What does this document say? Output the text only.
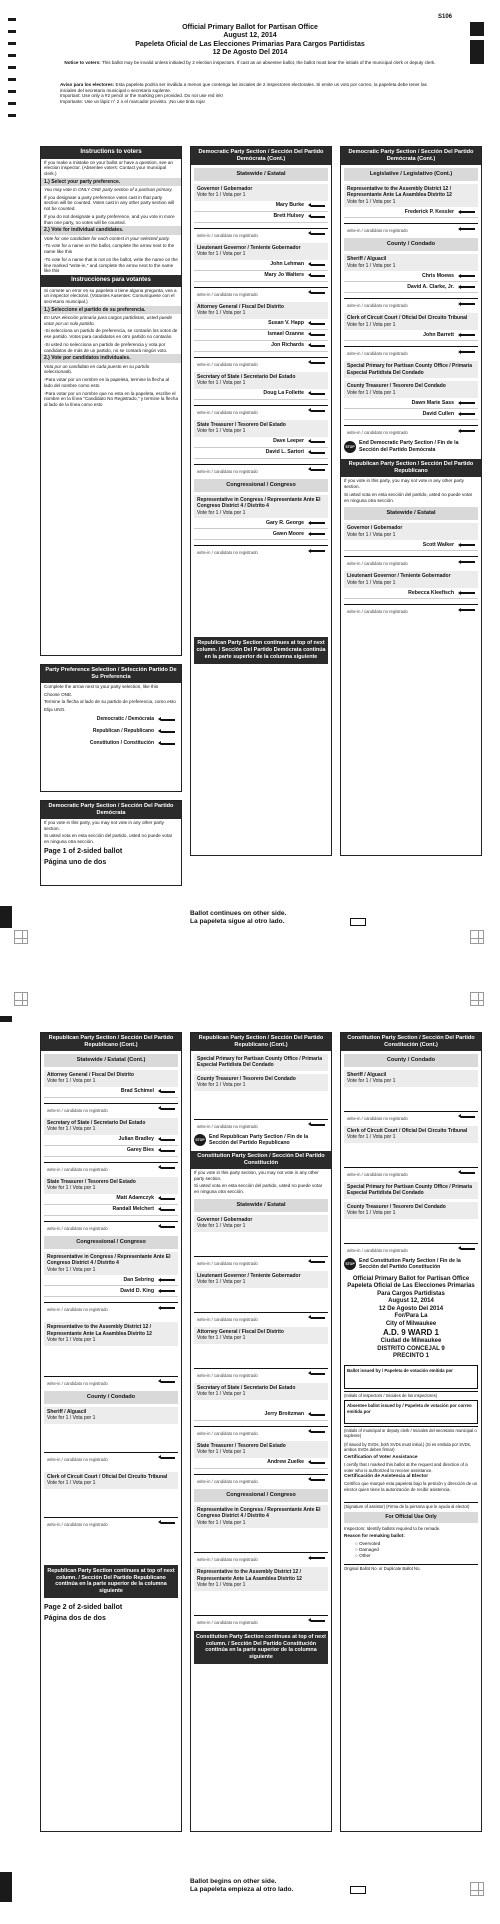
S106
Official Primary Ballot for Partisan Office
August 12, 2014
Papeleta Oficial de Las Elecciones Primarias Para Cargos Partidistas
12 De Agosto Del 2014
Notice to voters: This ballot may be invalid unless initialed by 2 election inspectors. If cast as an absentee ballot, the ballot must bear the initials of the municipal clerk or deputy clerk.
Aviso para los electores: Esta papeleta podría ser inválida a menos que contenga las iniciales de 2 inspectores electorales. Si emite un voto por correo, la papeleta debe tener las iniciales del secretario municipal o secretario suplente.
Important: Use only a #2 pencil or the marking pen provided. Do not use red ink!
Importante: Use un lápiz n° 2 o el marcador provisto. ¡No use tinta roja!
Instructions to voters

If you make a mistake on your ballot or have a question, see an election inspector. (Absentee voters: Contact your municipal clerk.)

1.) Select your party preference.

You may vote in ONLY ONE party section of a partisan primary.

If you designate a party preference votes cast in that party section will be counted. Votes cast in any other party section will not be counted.

If you do not designate a party preference, and you vote in more than one party, no votes will be counted.

2.) Vote for individual candidates.

Vote for one candidate for each contest in your selected party.

-To vote for a name on the ballot, complete the arrow next to the name like this

-To vote for a name that is not on the ballot, write the name on the line marked "write-in," and complete the arrow next to the name like this

Instrucciones para votantes

Si comete un error en su papeleta o tiene alguna pregunta, vea a un inspector electoral. (Votantes Ausentes: Comuníquese con el secretario municipal.)

1.) Seleccione el partido de su preferencia.

En UNA elección primaria para cargos partidistas, usted puede votar por un solo partido.

-Si selecciona un partido de preferencia, se contarán los votos de ese partido. Votos para candidatos en otro partido no contarán.

-Si usted no selecciona un partido de preferencia y vota por candidatos de más de un partido, no se contará ningún voto.

2.) Vote por candidatos individuales.

Vota por un candidato en cada puesto en su partido seleccionado.

-Para votar por un nombre en la papeleta, termine la flecha al lado del nombre como esto

-Para votar por un nombre que no esta en la papeleta, escribe el nombre en la línea "Candidato No Registrado," y termine la flecha al lado de la línea como esto

Party Preference Selection / Selección Partido De Su Preferencia

Complete the arrow next to your party selection, like this

Choose ONE.

Termine la flecha al lado de su partido de preferencia, como esto

Elija UNO.

Democratic / Demócrata
Republican / Republicano
Constitution / Constitución
Democratic Party Section / Sección Del Partido Demócrata

If you vote in this party, you may not vote in any other party section.

Si usted vota en esta sección del partido, usted no puede votar en ninguna otra sección.

Page 1 of 2-sided ballot
Página uno de dos
Democratic Party Section / Sección Del Partido Demócrata (Cont.)
Statewide / Estatal
Governor / Gobernador
Vote for 1 / Vota por 1
Mary Burke
Brett Hulsey
write-in / candidato no registrado
Lieutenant Governor / Teniente Gobernador
Vote for 1 / Vota por 1
John Lehman
Mary Jo Walters
write-in / candidato no registrado
Attorney General / Fiscal Del Distrito
Vote for 1 / Vota por 1
Susan V. Happ
Ismael Ozanne
Jon Richards
write-in / candidato no registrado
Secretary of State / Secretario Del Estado
Vote for 1 / Vota por 1
Doug La Follette
write-in / candidato no registrado
State Treasurer / Tesorero Del Estado
Vote for 1 / Vota por 1
Dave Leeper
David L. Sartori
write-in / candidato no registrado
Congressional / Congreso
Representative in Congress / Representante Ante El Congreso District 4 / Distrito 4
Vote for 1 / Vota por 1
Gary R. George
Gwen Moore
write-in / candidato no registrado
Republican Party Section continues at top of next column. / Sección Del Partido Demócrata continúa en la parte superior de la columna siguiente
Democratic Party Section / Sección Del Partido Demócrata (Cont.)
Legislative / Legislativo (Cont.)
Representative to the Assembly District 12 / Representante Ante La Asamblea Distrito 12
Vote for 1 / Vota por 1
Frederick P. Kessler
write-in / candidato no registrado
County / Condado
Sheriff / Alguacil
Vote for 1 / Vota por 1
Chris Moews
David A. Clarke, Jr.
write-in / candidato no registrado
Clerk of Circuit Court / Oficial Del Circuito Tribunal
Vote for 1 / Vota por 1
John Barrett
write-in / candidato no registrado
Special Primary for Partisan County Office / Primaria Especial Partidista Del Condado
County Treasurer / Tesorero Del Condado
Vote for 1 / Vota por 1
Dawn Marie Sass
David Cullen
write-in / candidato no registrado
STOP
End Democratic Party Section / Fin de la Sección del Partido Demócrata
Republican Party Section / Sección Del Partido Republicano

If you vote in this party, you may not vote in any other party section.

Si usted vota en esta sección del partido, usted no puede votar en ninguna otra sección.

Statewide / Estatal
Governor / Gobernador
Vote for 1 / Vota por 1
Scott Walker
write-in / candidato no registrado
Lieutenant Governor / Teniente Gobernador
Vote for 1 / Vota por 1
Rebecca Kleefisch
write-in / candidato no registrado
Ballot continues on other side.
La papeleta sigue al otro lado.
Republican Party Section / Sección Del Partido Republicano (Cont.)
Statewide / Estatal (Cont.)
Attorney General / Fiscal Del Distrito
Vote for 1 / Vota por 1
Brad Schimel
write-in / candidato no registrado
Secretary of State / Secretario Del Estado
Vote for 1 / Vota por 1
Julian Bradley
Garey Bies
write-in / candidato no registrado
State Treasurer / Tesorero Del Estado
Vote for 1 / Vota por 1
Matt Adamczyk
Randall Melchert
write-in / candidato no registrado
Congressional / Congreso
Representative in Congress / Representante Ante El Congreso District 4 / Distrito 4
Vote for 1 / Vota por 1
Dan Sebring
David D. King
write-in / candidato no registrado
Representative to the Assembly District 12 / Representante Ante La Asamblea Distrito 12
Vote for 1 / Vota por 1
write-in / candidato no registrado
County / Condado
Sheriff / Alguacil
Vote for 1 / Vota por 1
write-in / candidato no registrado
Clerk of Circuit Court / Oficial Del Circuito Tribunal
Vote for 1 / Vota por 1
write-in / candidato no registrado
Republican Party Section continues at top of next column. / Sección Del Partido Republicano continúa en la parte superior de la columna siguiente
Page 2 of 2-sided ballot
Página dos de dos
Republican Party Section / Sección Del Partido Republicano (Cont.)
Special Primary for Partisan County Office / Primaria Especial Partidista Del Condado
County Treasurer / Tesorero Del Condado
Vote for 1 / Vota por 1
write-in / candidato no registrado
STOP
End Republican Party Section / Fin de la Sección del Partido Republicano
Constitution Party Section / Sección Del Partido Constitución

If you vote in this party section, you may not vote in any other party section.

Si usted vota en esta sección del partido, usted no puede votar en ninguna otra sección.

Statewide / Estatal
Governor / Gobernador
Vote for 1 / Vota por 1
write-in / candidato no registrado
Lieutenant Governor / Teniente Gobernador
Vote for 1 / Vota por 1
write-in / candidato no registrado
Attorney General / Fiscal Del Distrito
Vote for 1 / Vota por 1
write-in / candidato no registrado
Secretary of State / Secretario Del Estado
Vote for 1 / Vota por 1
Jerry Broitzman
write-in / candidato no registrado
State Treasurer / Tesorero Del Estado
Vote for 1 / Vota por 1
Andrew Zuelke
write-in / candidato no registrado
Congressional / Congreso
Representative in Congress / Representante Ante El Congreso District 4 / Distrito 4
Vote for 1 / Vota por 1
write-in / candidato no registrado
Representative to the Assembly District 12 / Representante Ante La Asamblea Distrito 12
Vote for 1 / Vota por 1
write-in / candidato no registrado
Constitution Party Section continues at top of next column. / Sección Del Partido Constitución continúa en la parte superior de la columna siguiente
Constitution Party Section / Sección Del Partido Constitución (Cont.)
County / Condado
Sheriff / Alguacil
Vote for 1 / Vota por 1
write-in / candidato no registrado
Clerk of Circuit Court / Oficial Del Circuito Tribunal
Vote for 1 / Vota por 1
write-in / candidato no registrado
Special Primary for Partisan County Office / Primaria Especial Partidista Del Condado
County Treasurer / Tesorero Del Condado
Vote for 1 / Vota por 1
write-in / candidato no registrado
STOP
End Constitution Party Section / Fin de la Sección del Partido Constitución
Official Primary Ballot for Partisan Office
Papeleta Oficial de Las Elecciones Primarias Para Cargos Partidistas
August 12, 2014
12 De Agosto Del 2014
For/Para La
City of Milwaukee
A.D. 9 WARD 1
Ciudad de Milwaukee
DISTRITO CONCEJAL 9
PRECINTO 1
Ballot issued by / Papeleta de votación emitida por
(Initials of inspectors / Iniciales de los inspectores)
Absentee ballot issued by / Papeleta de votación por correo emitida por
(Initials of municipal or deputy clerk / Iniciales del secretario municipal o suplente)
(If issued by SVDs, both SVDs must initial.) (Si es emitida por SVDs, ambos SVDs deben firmar)
Certification of Voter Assistance
I certify that I marked this ballot at the request and direction of a voter who is authorized to receive assistance.
Certificación de Asistencia al Elector
Certifico que marqué esta papeleta bajo la petición y dirección de un elector quien tiene la autorización de recibir asistencia.
(Signature of assistor) (Firma de la persona que le ayuda al elector)
For Official Use Only
Inspectors: Identify ballots required to be remade.
Reason for remaking ballot:
○ Overvoted
○ Damaged
○ Other
Original Ballot No. or Duplicate Ballot No.
Ballot begins on other side.
La papeleta empieza al otro lado.
